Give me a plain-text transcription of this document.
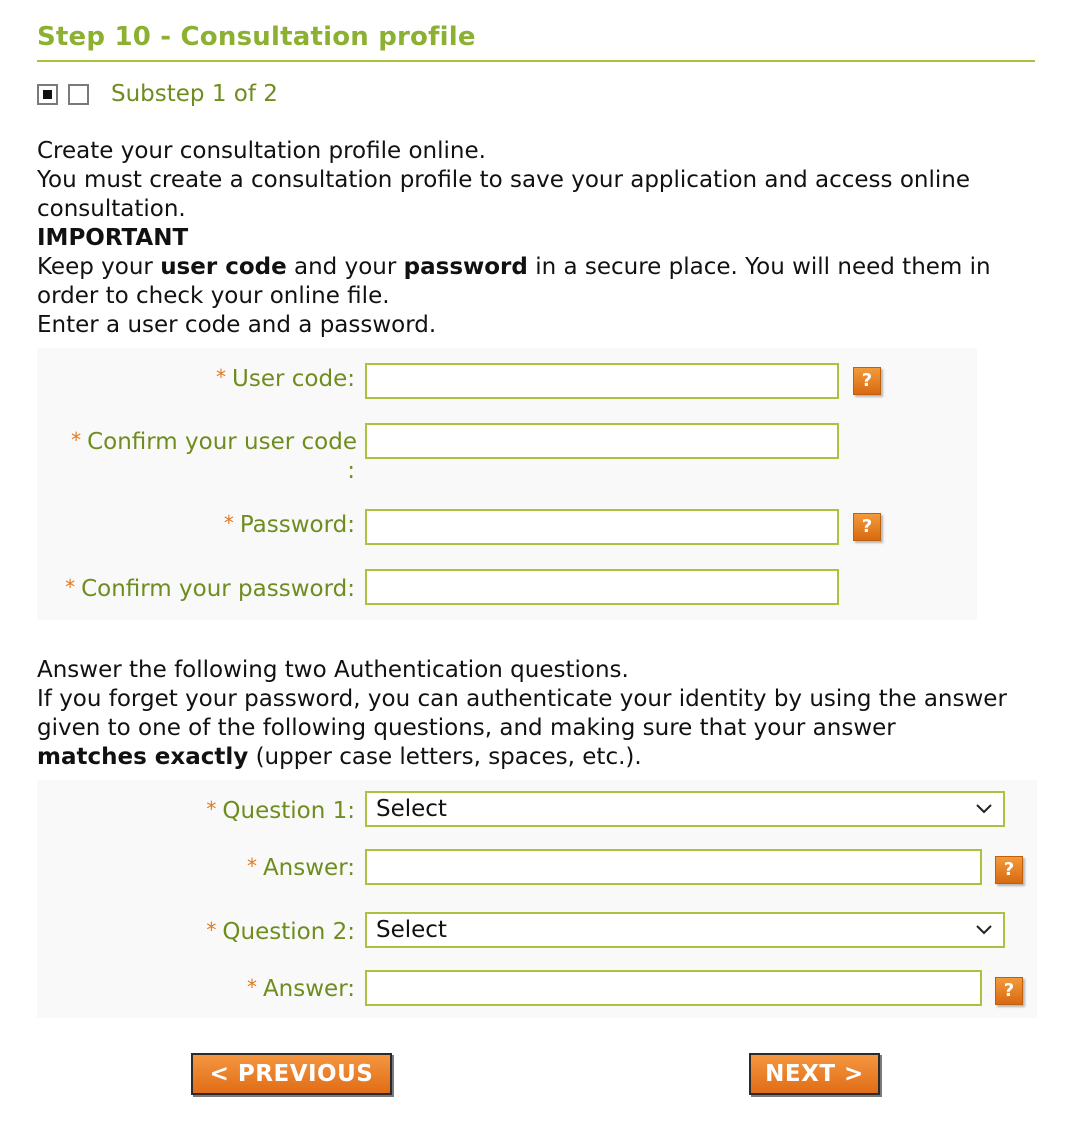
Step 10 - Consultation profile
Substep 1 of 2
Create your consultation profile online.
You must create a consultation profile to save your application and access online consultation.
IMPORTANT
Keep your user code and your password in a secure place. You will need them in order to check your online file.
Enter a user code and a password.
* User code:	?
* Confirm your user code
:
* Password:	?
* Confirm your password:
Answer the following two Authentication questions.
If you forget your password, you can authenticate your identity by using the answer given to one of the following questions, and making sure that your answer
matches exactly (upper case letters, spaces, etc.).
* Question 1: Select
* Answer:	?
* Question 2: Select
* Answer:	?
< PREVIOUS	NEXT >
